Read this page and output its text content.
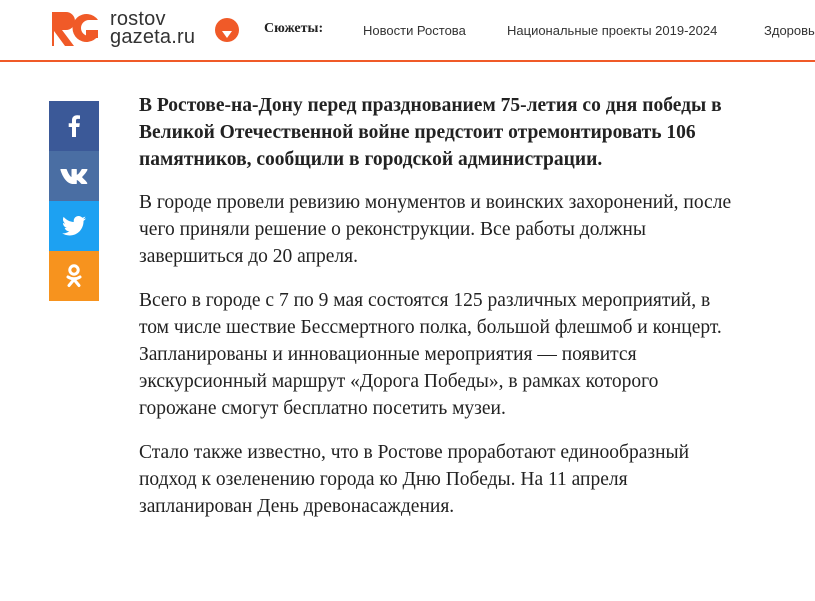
rostov
gazeta.ru	Сюжеты:	Новости Ростова	Национальные проекты 2019-2024	Здоровь

В Ростове-на-Дону перед празднованием 75-летия со дня победы в Великой Отечественной войне предстоит отремонтировать 106 памятников, сообщили в городской администрации.

В городе провели ревизию монументов и воинских захоронений, после чего приняли решение о реконструкции. Все работы должны завершиться до 20 апреля.

Всего в городе с 7 по 9 мая состоятся 125 различных мероприятий, в том числе шествие Бессмертного полка, большой флешмоб и концерт. Запланированы и инновационные мероприятия — появится экскурсионный маршрут «Дорога Победы», в рамках которого горожане смогут бесплатно посетить музеи.

Стало также известно, что в Ростове проработают единообразный подход к озеленению города ко Дню Победы. На 11 апреля запланирован День древонасаждения.
